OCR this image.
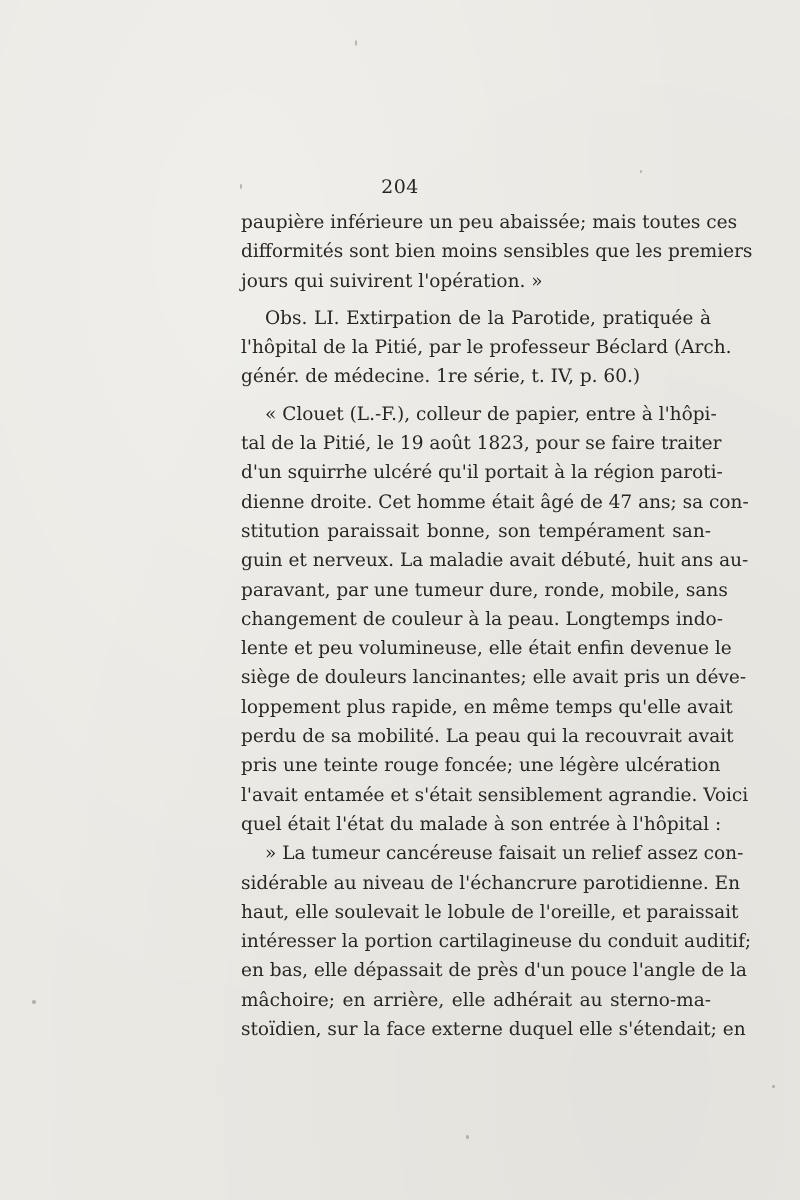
204
paupière inférieure un peu abaissée; mais toutes ces
difformités sont bien moins sensibles que les premiers
jours qui suivirent l'opération. »
Obs. LI. Extirpation de la Parotide, pratiquée à
l'hôpital de la Pitié, par le professeur Béclard (Arch.
génér. de médecine. 1re série, t. IV, p. 60.)
« Clouet (L.-F.), colleur de papier, entre à l'hôpi-
tal de la Pitié, le 19 août 1823, pour se faire traiter
d'un squirrhe ulcéré qu'il portait à la région paroti-
dienne droite. Cet homme était âgé de 47 ans; sa con-
stitution paraissait bonne, son tempérament san-
guin et nerveux. La maladie avait débuté, huit ans au-
paravant, par une tumeur dure, ronde, mobile, sans
changement de couleur à la peau. Longtemps indo-
lente et peu volumineuse, elle était enfin devenue le
siège de douleurs lancinantes; elle avait pris un déve-
loppement plus rapide, en même temps qu'elle avait
perdu de sa mobilité. La peau qui la recouvrait avait
pris une teinte rouge foncée; une légère ulcération
l'avait entamée et s'était sensiblement agrandie. Voici
quel était l'état du malade à son entrée à l'hôpital :
» La tumeur cancéreuse faisait un relief assez con-
sidérable au niveau de l'échancrure parotidienne. En
haut, elle soulevait le lobule de l'oreille, et paraissait
intéresser la portion cartilagineuse du conduit auditif;
en bas, elle dépassait de près d'un pouce l'angle de la
mâchoire; en arrière, elle adhérait au sterno-ma-
stoïdien, sur la face externe duquel elle s'étendait; en
